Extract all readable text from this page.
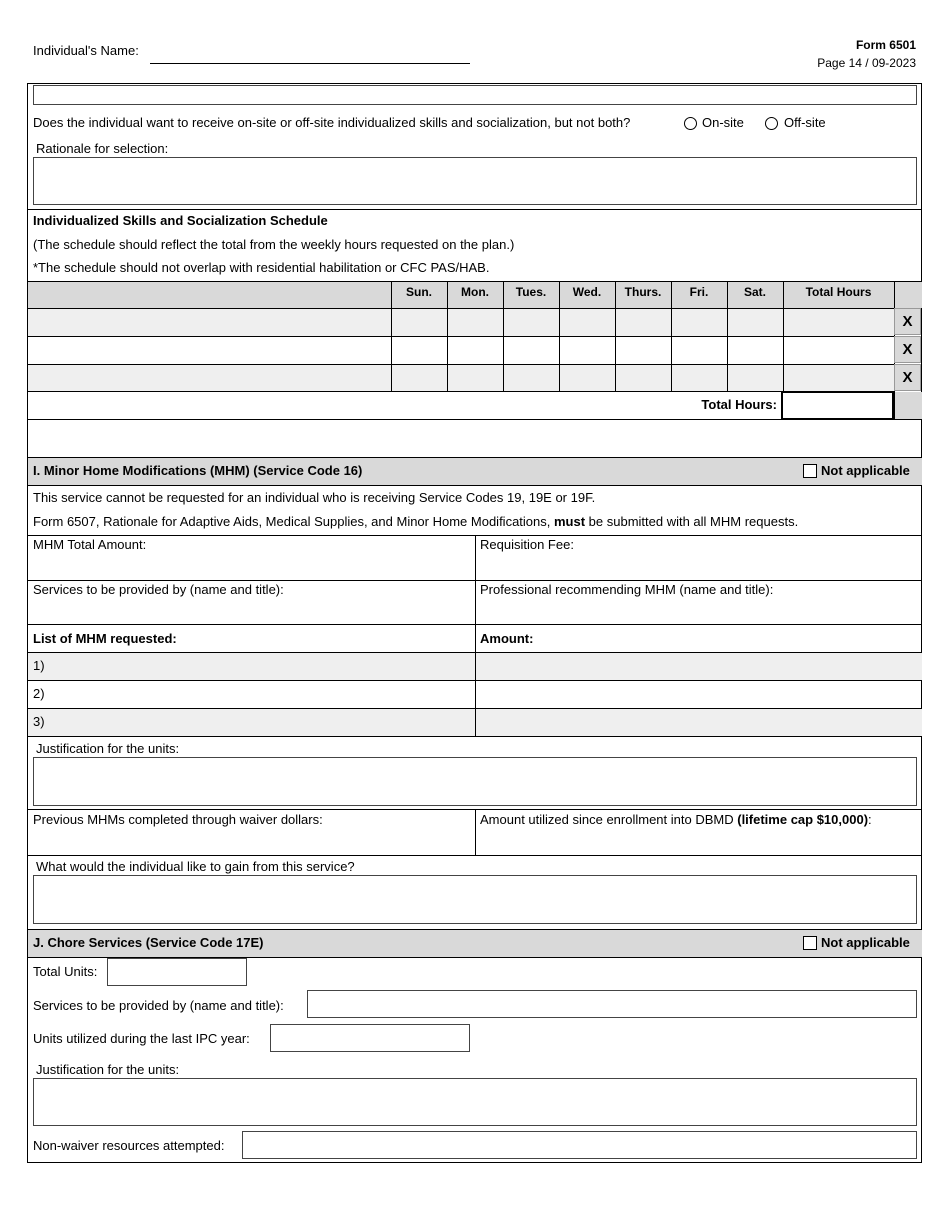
Individual's Name:	Form 6501
Page 14 / 09-2023
Does the individual want to receive on-site or off-site individualized skills and socialization, but not both?	On-site	Off-site
Rationale for selection:
Individualized Skills and Socialization Schedule
(The schedule should reflect the total from the weekly hours requested on the plan.)
*The schedule should not overlap with residential habilitation or CFC PAS/HAB.
Sun.	Mon.	Tues.	Wed.	Thurs.	Fri.	Sat.	Total Hours
X
X
X
Total Hours:
I. Minor Home Modifications (MHM) (Service Code 16)	Not applicable
This service cannot be requested for an individual who is receiving Service Codes 19, 19E or 19F.
Form 6507, Rationale for Adaptive Aids, Medical Supplies, and Minor Home Modifications, must be submitted with all MHM requests.
MHM Total Amount:	Requisition Fee:
Services to be provided by (name and title):	Professional recommending MHM (name and title):
List of MHM requested:	Amount:
1)
2)
3)
Justification for the units:
Previous MHMs completed through waiver dollars:	Amount utilized since enrollment into DBMD (lifetime cap $10,000):
What would the individual like to gain from this service?
J. Chore Services (Service Code 17E)	Not applicable
Total Units:
Services to be provided by (name and title):
Units utilized during the last IPC year:
Justification for the units:
Non-waiver resources attempted:
